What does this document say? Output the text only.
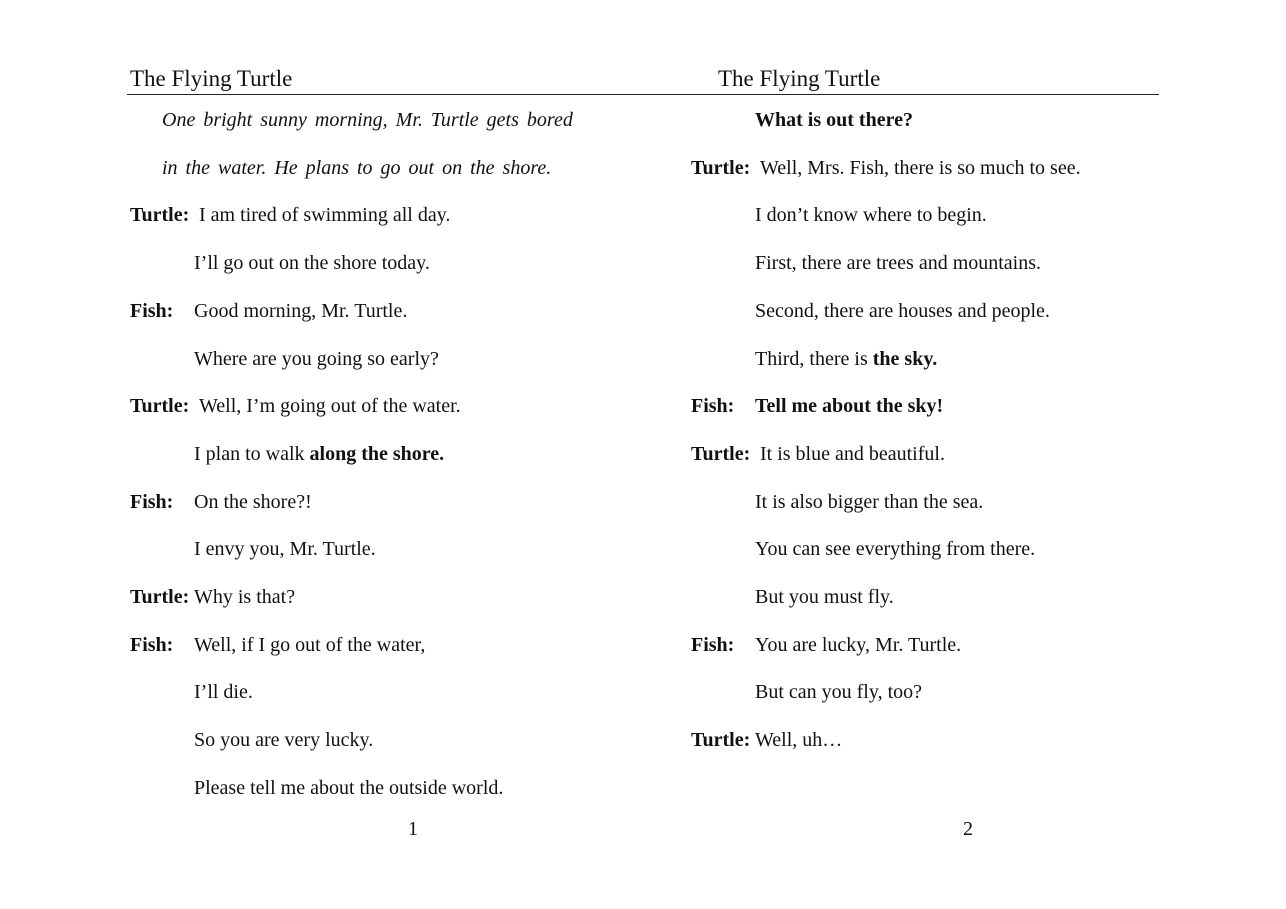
The Flying Turtle	The Flying Turtle
One bright sunny morning, Mr. Turtle gets bored
in the water. He plans to go out on the shore.
Turtle: I am tired of swimming all day.
I’ll go out on the shore today.
Fish: Good morning, Mr. Turtle.
Where are you going so early?
Turtle: Well, I’m going out of the water.
I plan to walk along the shore.
Fish: On the shore?!
I envy you, Mr. Turtle.
Turtle: Why is that?
Fish: Well, if I go out of the water,
I’ll die.
So you are very lucky.
Please tell me about the outside world.
What is out there?
Turtle: Well, Mrs. Fish, there is so much to see.
I don’t know where to begin.
First, there are trees and mountains.
Second, there are houses and people.
Third, there is the sky.
Fish: Tell me about the sky!
Turtle: It is blue and beautiful.
It is also bigger than the sea.
You can see everything from there.
But you must fly.
Fish: You are lucky, Mr. Turtle.
But can you fly, too?
Turtle: Well, uh…
1	2
